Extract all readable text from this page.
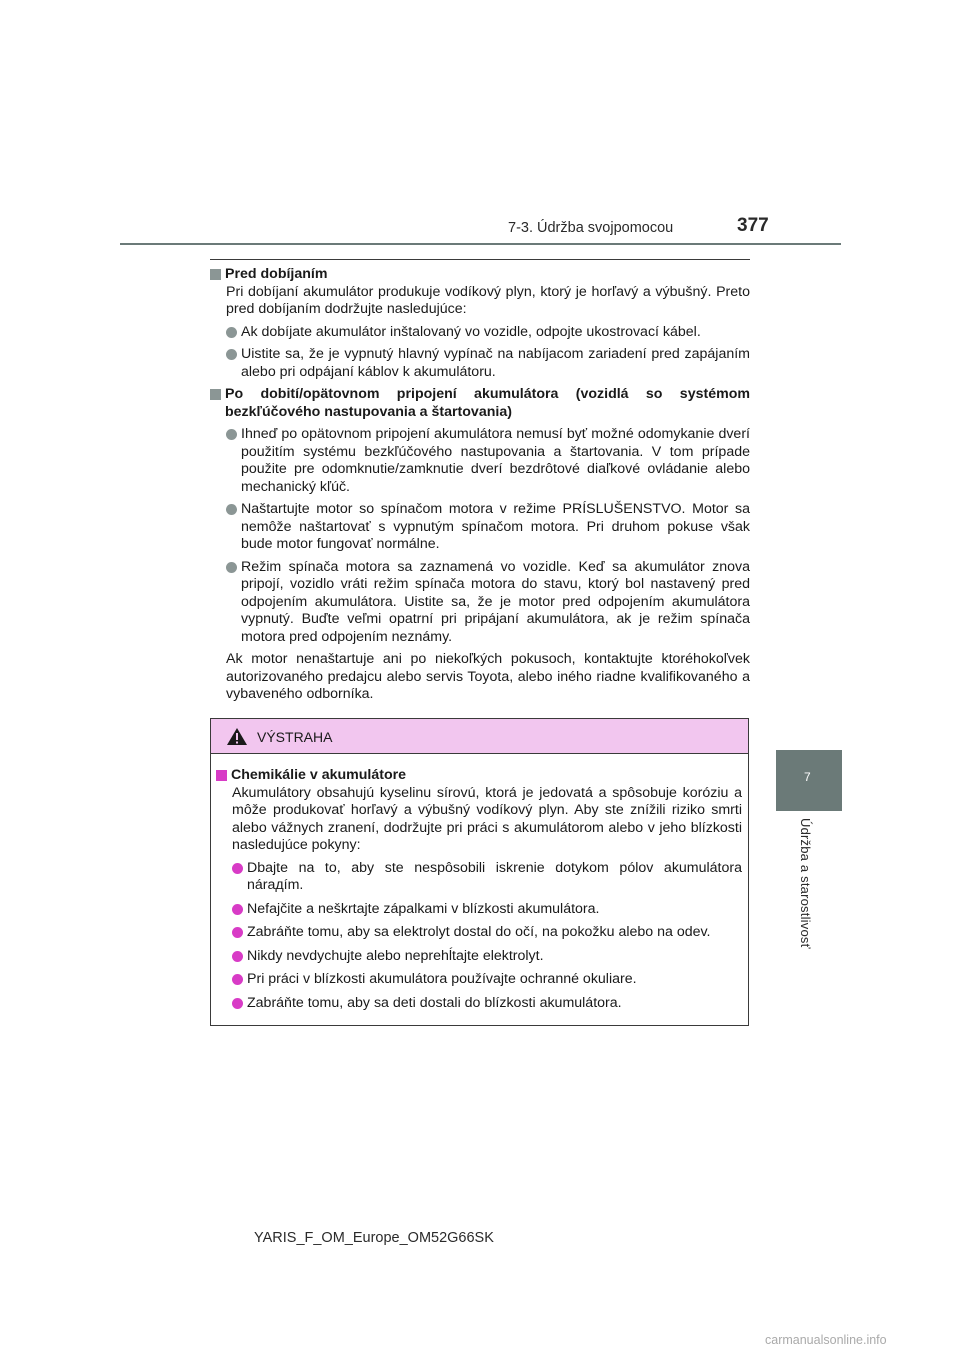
7-3. Údržba svojpomocou	377
7
Údržba a starostlivosť
Pred dobíjaním
Pri dobíjaní akumulátor produkuje vodíkový plyn, ktorý je horľavý a výbušný. Preto pred dobíjaním dodržujte nasledujúce:
Ak dobíjate akumulátor inštalovaný vo vozidle, odpojte ukostrovací kábel.
Uistite sa, že je vypnutý hlavný vypínač na nabíjacom zariadení pred zapájaním alebo pri odpájaní káblov k akumulátoru.
Po dobití/opätovnom pripojení akumulátora (vozidlá so systémom bezkľúčového nastupovania a štartovania)
Ihneď po opätovnom pripojení akumulátora nemusí byť možné odomykanie dverí použitím systému bezkľúčového nastupovania a štartovania. V tom prípade použite pre odomknutie/zamknutie dverí bezdrôtové diaľkové ovládanie alebo mechanický kľúč.
Naštartujte motor so spínačom motora v režime PRÍSLUŠENSTVO. Motor sa nemôže naštartovať s vypnutým spínačom motora. Pri druhom pokuse však bude motor fungovať normálne.
Režim spínača motora sa zaznamená vo vozidle. Keď sa akumulátor znova pripojí, vozidlo vráti režim spínača motora do stavu, ktorý bol nastavený pred odpojením akumulátora. Uistite sa, že je motor pred odpojením akumulátora vypnutý. Buďte veľmi opatrní pri pripájaní akumulátora, ak je režim spínača motora pred odpojením neznámy.
Ak motor nenaštartuje ani po niekoľkých pokusoch, kontaktujte ktoréhokoľvek autorizovaného predajcu alebo servis Toyota, alebo iného riadne kvalifikovaného a vybaveného odborníka.
VÝSTRAHA
Chemikálie v akumulátore
Akumulátory obsahujú kyselinu sírovú, ktorá je jedovatá a spôsobuje koróziu a môže produkovať horľavý a výbušný vodíkový plyn. Aby ste znížili riziko smrti alebo vážnych zranení, dodržujte pri práci s akumulátorom alebo v jeho blízkosti nasledujúce pokyny:
Dbajte na to, aby ste nespôsobili iskrenie dotykom pólov akumulátora nárадím.
Nefajčite a neškrtajte zápalkami v blízkosti akumulátora.
Zabráňte tomu, aby sa elektrolyt dostal do očí, na pokožku alebo na odev.
Nikdy nevdychujte alebo neprehĺtajte elektrolyt.
Pri práci v blízkosti akumulátora používajte ochranné okuliare.
Zabráňte tomu, aby sa deti dostali do blízkosti akumulátora.
YARIS_F_OM_Europe_OM52G66SK
carmanualsonline.info
